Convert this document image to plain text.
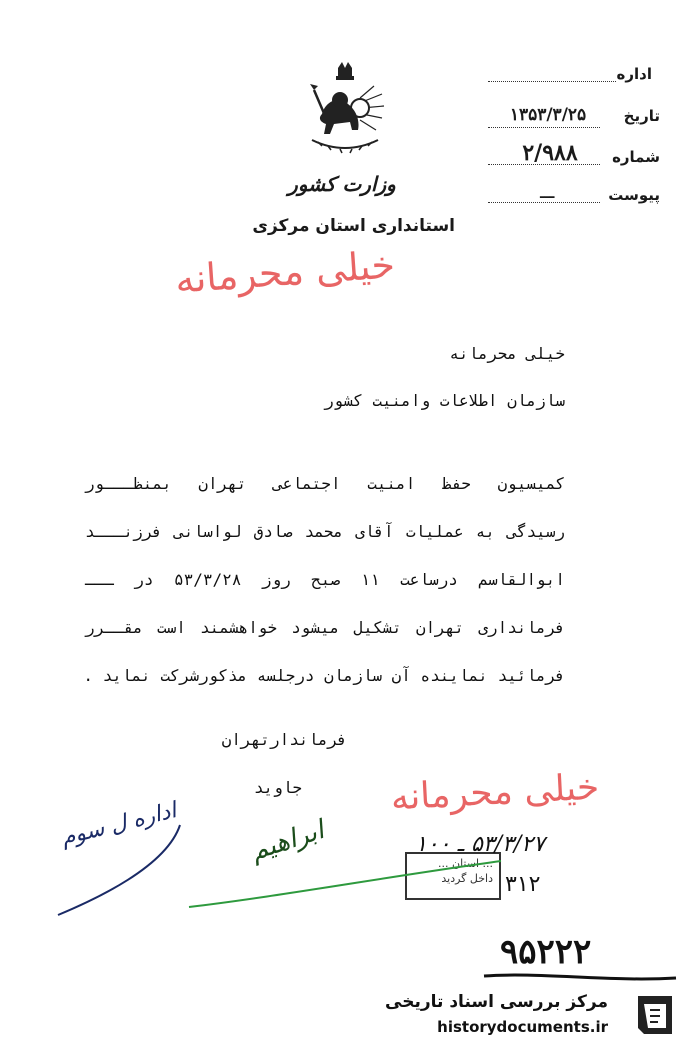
اداره
تاریخ
۱۳۵۳/۳/۲۵
شماره
۲/۹۸۸
پیوست
ـــ
وزارت کشور
استانداری استان مرکزی
خیلی محرمانه
خیلی محرمانه
سازمان اطلاعات وامنیت کشور
کمیسیون حفظ امنیت اجتماعی تهران بمنظـــور
رسیدگی به عملیات آقای محمد صادق لواسانی فرزنـــد
ابوالقاسم درساعت ۱۱ صبح روز ۵۳/۳/۲۸ در ـــ
فرمانداری تهران تشکیل میشود خواهشمند است مقــرر
فرمائید نماینده آن سازمان درجلسه مذکورشرکت نماید .
فرماندارتهران
جاوید	خیلی محرمانه
اداره ل سوم
... استان ...
داخل گردید
۵۳/۳/۲۷ ـ ۱۰۰
۳۱۲
ابراهیم
۹۵۲۲۲
مرکز بررسی اسناد تاریخی
historydocuments.ir
